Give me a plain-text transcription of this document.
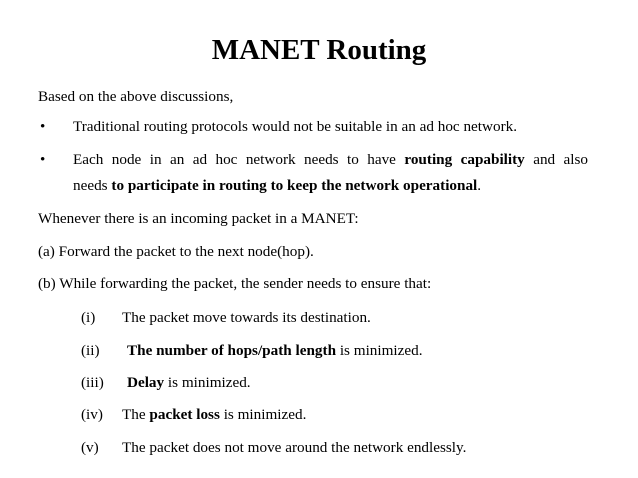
MANET Routing
Based on the above discussions,
• Traditional routing protocols would not be suitable in an ad hoc network.
• Each node in an ad hoc network needs to have routing capability and also
needs to participate in routing to keep the network operational.
Whenever there is an incoming packet in a MANET:
(a) Forward the packet to the next node(hop).
(b) While forwarding the packet, the sender needs to ensure that:
(i) The packet move towards its destination.
(ii) The number of hops/path length is minimized.
(iii) Delay is minimized.
(iv) The packet loss is minimized.
(v) The packet does not move around the network endlessly.
